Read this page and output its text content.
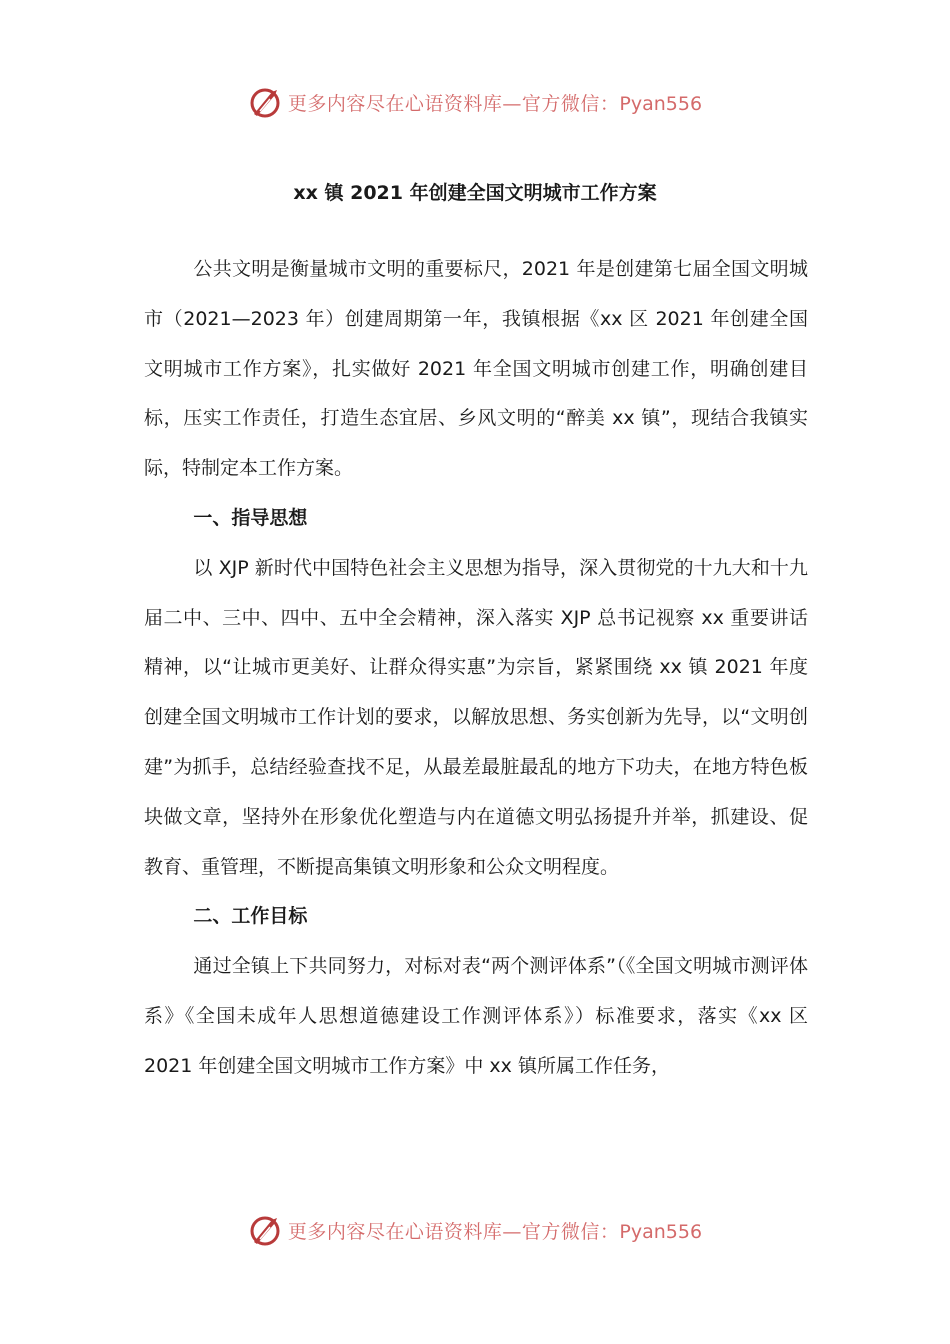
更多内容尽在心语资料库—官方微信：Pyan556
xx 镇 2021 年创建全国文明城市工作方案

公共文明是衡量城市文明的重要标尺，2021 年是创建第七届全国文明城市（2021—2023 年）创建周期第一年，我镇根据《xx 区 2021 年创建全国文明城市工作方案》，扎实做好 2021 年全国文明城市创建工作，明确创建目标，压实工作责任，打造生态宜居、乡风文明的“醉美 xx 镇”，现结合我镇实际，特制定本工作方案。

一、指导思想

以 XJP 新时代中国特色社会主义思想为指导，深入贯彻党的十九大和十九届二中、三中、四中、五中全会精神，深入落实 XJP 总书记视察 xx 重要讲话精神，以“让城市更美好、让群众得实惠”为宗旨，紧紧围绕 xx 镇 2021 年度创建全国文明城市工作计划的要求，以解放思想、务实创新为先导，以“文明创建”为抓手，总结经验查找不足，从最差最脏最乱的地方下功夫，在地方特色板块做文章，坚持外在形象优化塑造与内在道德文明弘扬提升并举，抓建设、促教育、重管理，不断提高集镇文明形象和公众文明程度。

二、工作目标

通过全镇上下共同努力，对标对表“两个测评体系”（《全国文明城市测评体系》《全国未成年人思想道德建设工作测评体系》）标准要求，落实《xx 区 2021 年创建全国文明城市工作方案》中 xx 镇所属工作任务，

更多内容尽在心语资料库—官方微信：Pyan556
